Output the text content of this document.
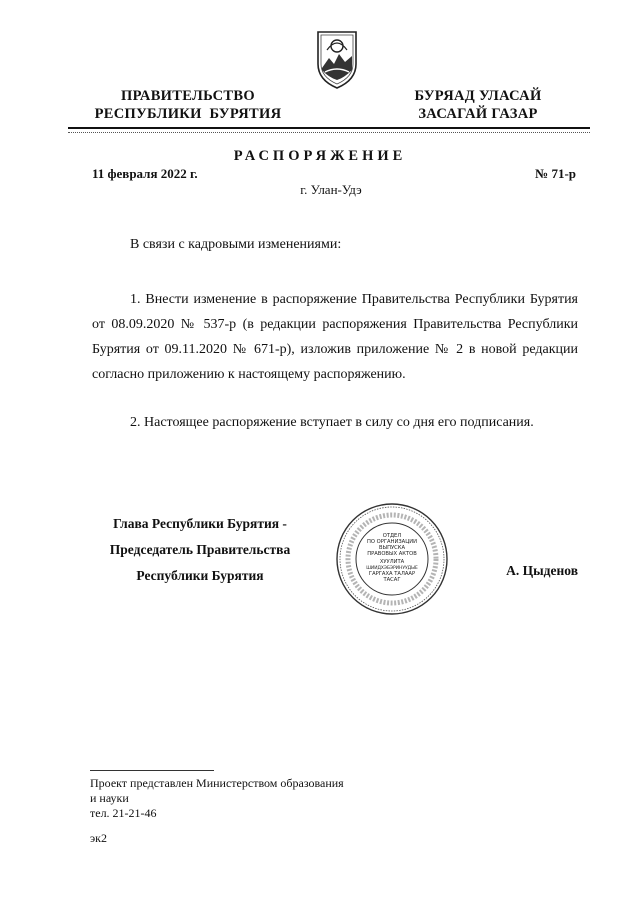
ПРАВИТЕЛЬСТВО
РЕСПУБЛИКИ  БУРЯТИЯ
БУРЯАД УЛАСАЙ
ЗАСАГАЙ ГАЗАР
РАСПОРЯЖЕНИЕ
11 февраля 2022 г.	№ 71-р
г. Улан-Удэ
В связи с кадровыми изменениями:
1. Внести изменение в распоряжение Правительства Республики Бурятия от 08.09.2020 № 537-р (в редакции распоряжения Правительства Республики Бурятия от 09.11.2020 № 671-р), изложив приложение № 2 в новой редакции согласно приложению к настоящему распоряжению.
2. Настоящее распоряжение вступает в силу со дня его подписания.
Глава Республики Бурятия -
Председатель Правительства
Республики Бурятия	А. Цыденов
ОТДЕЛ
ПО ОРГАНИЗАЦИИ
ВЫПУСКА
ПРАВОВЫХ АКТОВ
ХУУЛИТА
ШИИДХЭБЭРИНУУДЫЕ
ГАРГАХА ТАЛААР
ТАСАГ
Проект представлен Министерством образования
и науки
тел. 21-21-46
эк2
